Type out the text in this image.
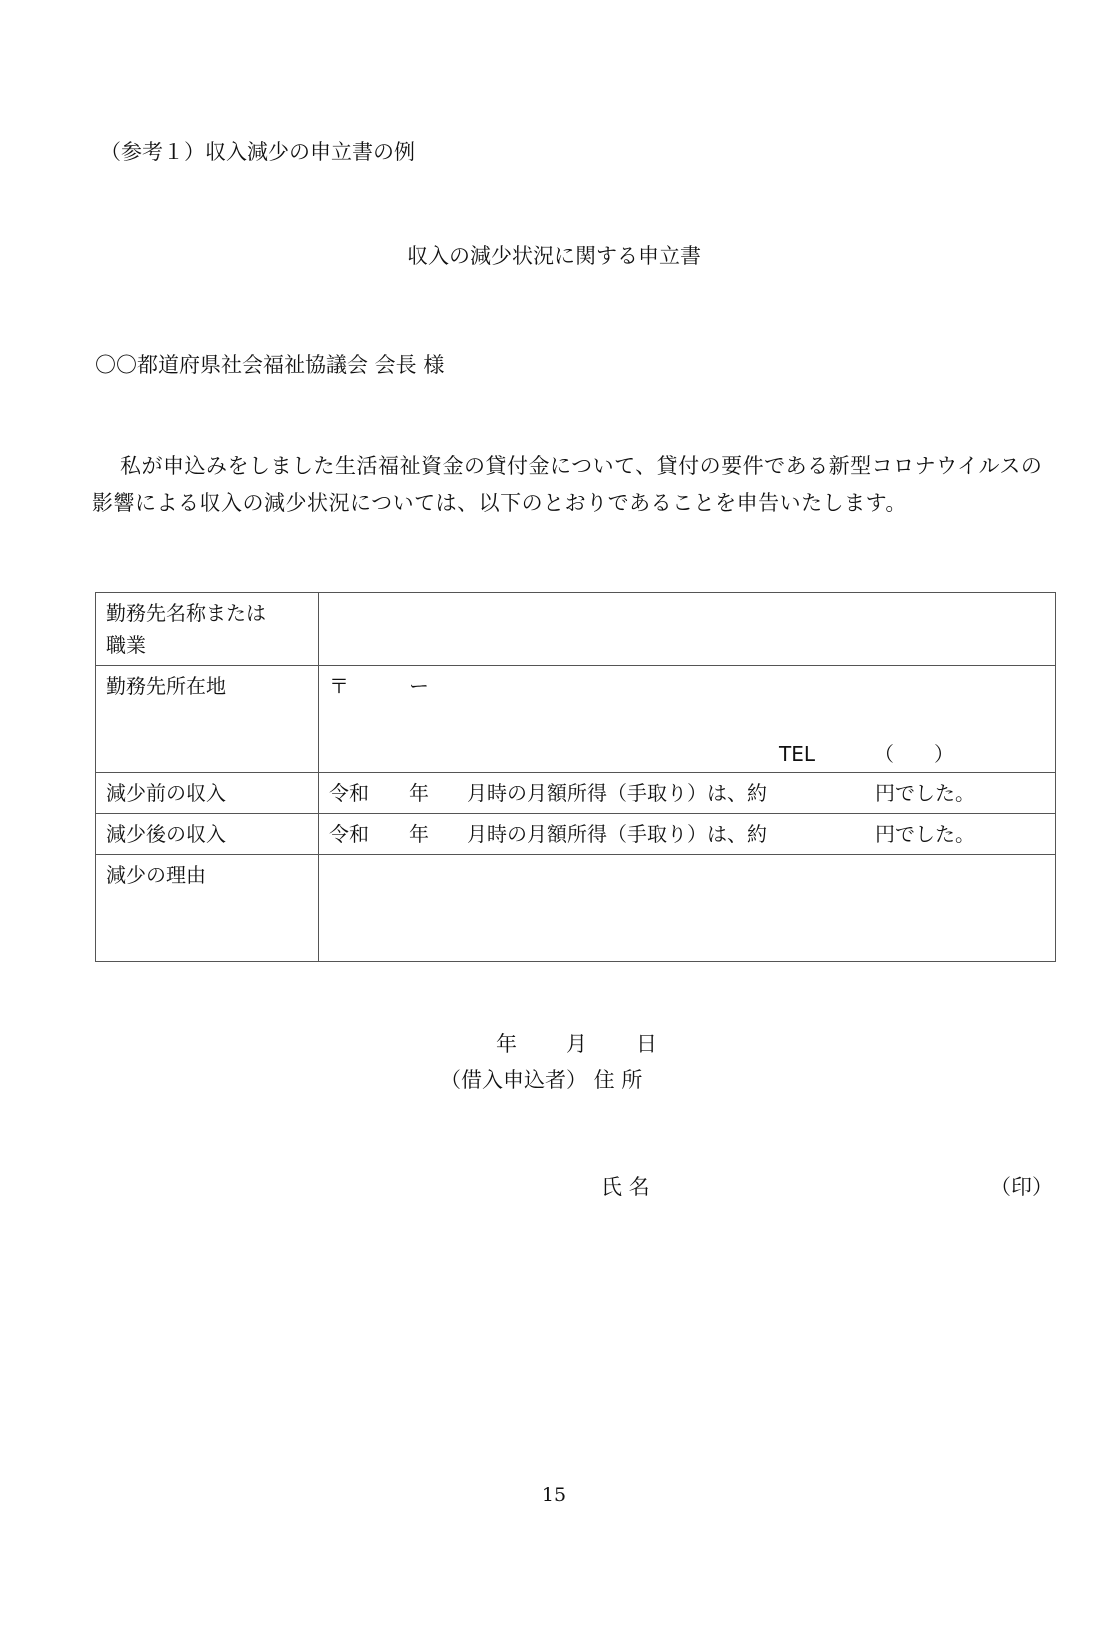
（参考１）収入減少の申立書の例
収入の減少状況に関する申立書
〇〇都道府県社会福祉協議会 会長 様
私が申込みをしました生活福祉資金の貸付金について、貸付の要件である新型コロナウイルスの影響による収入の減少状況については、以下のとおりであることを申告いたします。
勤務先名称または
職業	

勤務先所在地	〒 ー
TEL （　　）

減少前の収入	令和 年 月時の月額所得（手取り）は、約 円でした。
減少後の収入	令和 年 月時の月額所得（手取り）は、約 円でした。
減少の理由	
年 月 日
（借入申込者） 住 所
氏 名	（印）
15
